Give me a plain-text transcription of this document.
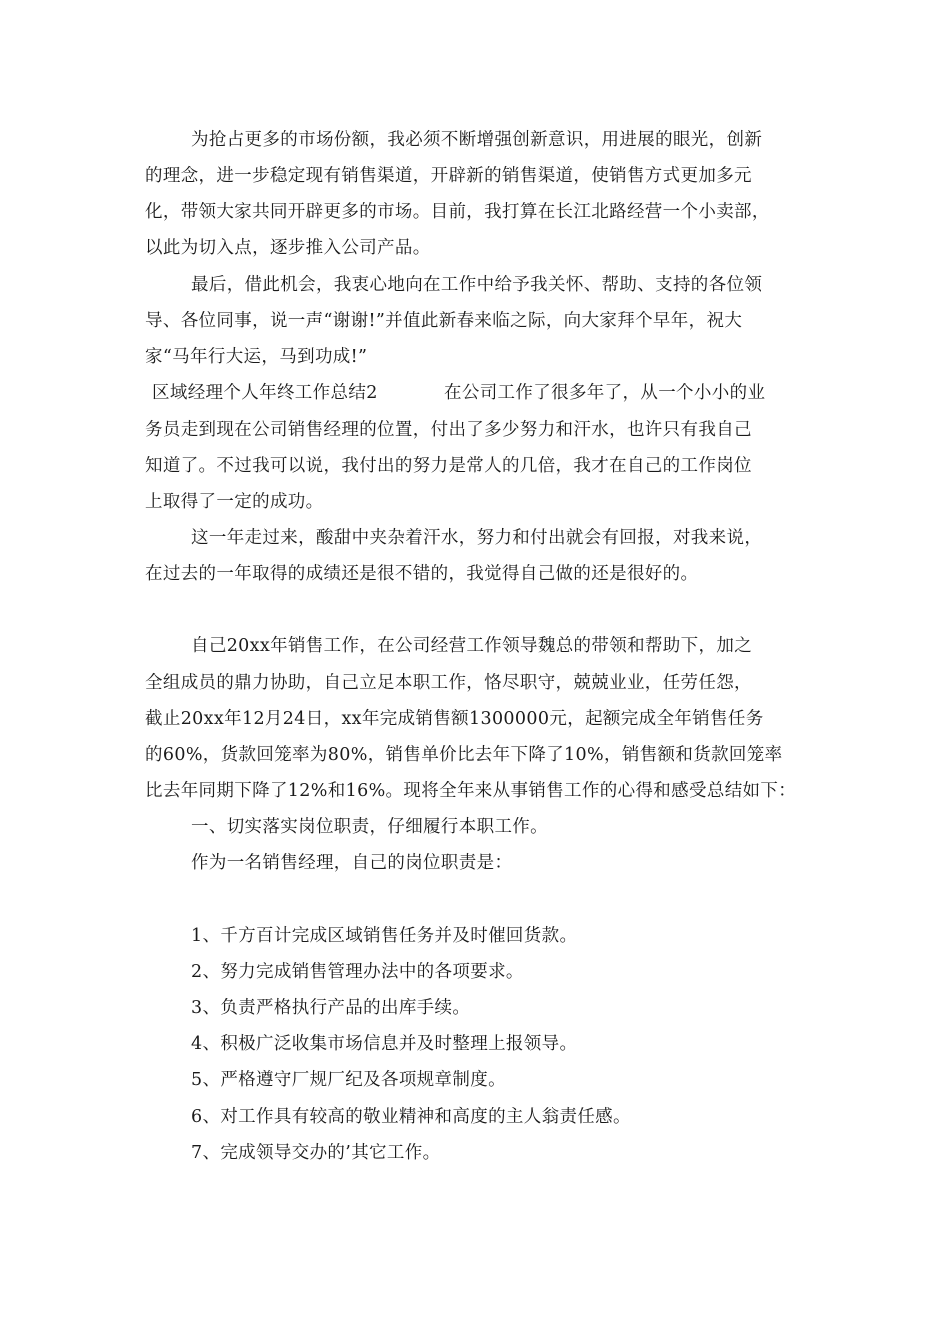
为抢占更多的市场份额，我必须不断增强创新意识，用进展的眼光，创新
的理念，进一步稳定现有销售渠道，开辟新的销售渠道，使销售方式更加多元
化，带领大家共同开辟更多的市场。目前，我打算在长江北路经营一个小卖部，
以此为切入点，逐步推入公司产品。
最后，借此机会，我衷心地向在工作中给予我关怀、帮助、支持的各位领
导、各位同事，说一声“谢谢!”并值此新春来临之际，向大家拜个早年，祝大
家“马年行大运，马到功成!”
区域经理个人年终工作总结2	在公司工作了很多年了，从一个小小的业
务员走到现在公司销售经理的位置，付出了多少努力和汗水，也许只有我自己
知道了。不过我可以说，我付出的努力是常人的几倍，我才在自己的工作岗位
上取得了一定的成功。
这一年走过来，酸甜中夹杂着汗水，努力和付出就会有回报，对我来说，
在过去的一年取得的成绩还是很不错的，我觉得自己做的还是很好的。
自己20xx年销售工作，在公司经营工作领导魏总的带领和帮助下，加之
全组成员的鼎力协助，自己立足本职工作，恪尽职守，兢兢业业，任劳任怨，
截止20xx年12月24日，xx年完成销售额1300000元，起额完成全年销售任务
的60%，货款回笼率为80%，销售单价比去年下降了10%，销售额和货款回笼率
比去年同期下降了12%和16%。现将全年来从事销售工作的心得和感受总结如下：
一、切实落实岗位职责，仔细履行本职工作。
作为一名销售经理，自己的岗位职责是：
1、千方百计完成区域销售任务并及时催回货款。
2、努力完成销售管理办法中的各项要求。
3、负责严格执行产品的出库手续。
4、积极广泛收集市场信息并及时整理上报领导。
5、严格遵守厂规厂纪及各项规章制度。
6、对工作具有较高的敬业精神和高度的主人翁责任感。
7、完成领导交办的’其它工作。
